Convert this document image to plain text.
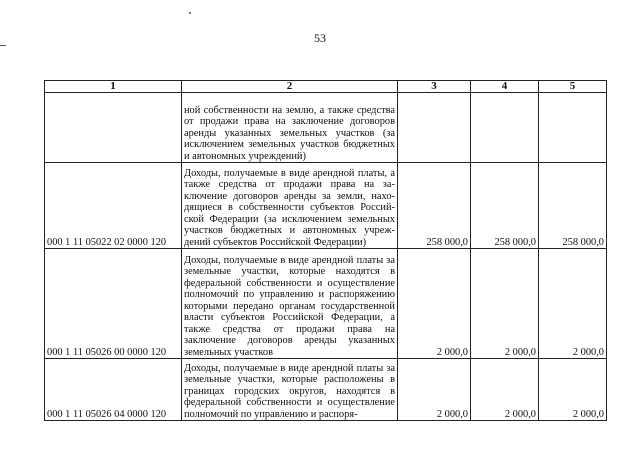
53
1	2	3	4	5
	ной собственности на землю, а также средства от продажи права на заключение договоров аренды указанных земельных участков (за исключением земельных участков бюджетных и автономных учреждений)			
000 1 11 05022 02 0000 120	Доходы, получаемые в виде арендной платы, а также средства от продажи права на заключение договоров аренды за земли, находящиеся в собственности субъектов Российской Федерации (за исключением земельных участков бюджетных и автономных учреждений субъектов Российской Федерации)	258 000,0	258 000,0	258 000,0
000 1 11 05026 00 0000 120	Доходы, получаемые в виде арендной платы за земельные участки, которые находятся в федеральной собственности и осуществление полномочий по управлению и распоряжению которыми передано органам государственной власти субъектов Российской Федерации, а также средства от продажи права на заключение договоров аренды указанных земельных участков	2 000,0	2 000,0	2 000,0
000 1 11 05026 04 0000 120	Доходы, получаемые в виде арендной платы за земельные участки, которые расположены в границах городских округов, находятся в федеральной собственности и осуществление полномочий по управлению и распоря-	2 000,0	2 000,0	2 000,0
